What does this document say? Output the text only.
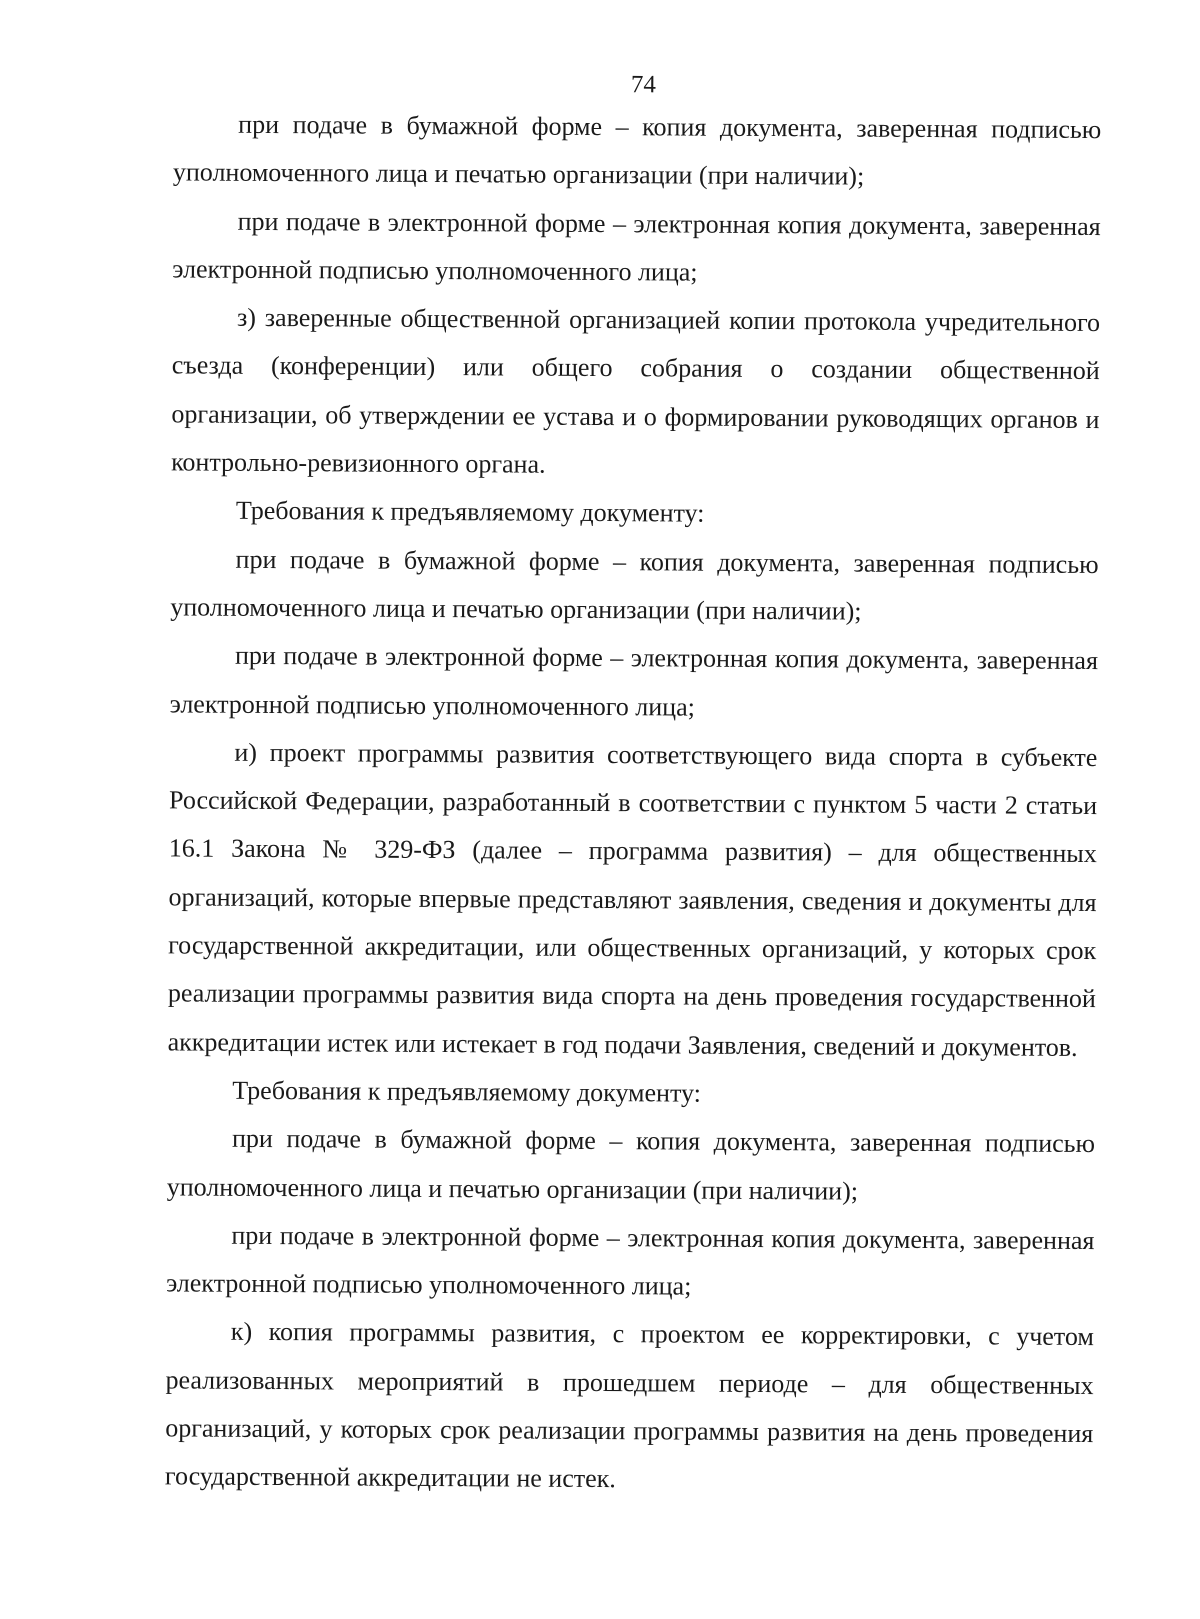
74

при подаче в бумажной форме – копия документа, заверенная подписью уполномоченного лица и печатью организации (при наличии);

при подаче в электронной форме – электронная копия документа, заверенная электронной подписью уполномоченного лица;

з) заверенные общественной организацией копии протокола учредительного съезда (конференции) или общего собрания о создании общественной организации, об утверждении ее устава и о формировании руководящих органов и контрольно-ревизионного органа.

Требования к предъявляемому документу:

при подаче в бумажной форме – копия документа, заверенная подписью уполномоченного лица и печатью организации (при наличии);

при подаче в электронной форме – электронная копия документа, заверенная электронной подписью уполномоченного лица;

и) проект программы развития соответствующего вида спорта в субъекте Российской Федерации, разработанный в соответствии с пунктом 5 части 2 статьи 16.1 Закона № 329-ФЗ (далее – программа развития) – для общественных организаций, которые впервые представляют заявления, сведения и документы для государственной аккредитации, или общественных организаций, у которых срок реализации программы развития вида спорта на день проведения государственной аккредитации истек или истекает в год подачи Заявления, сведений и документов.

Требования к предъявляемому документу:

при подаче в бумажной форме – копия документа, заверенная подписью уполномоченного лица и печатью организации (при наличии);

при подаче в электронной форме – электронная копия документа, заверенная электронной подписью уполномоченного лица;

к) копия программы развития, с проектом ее корректировки, с учетом реализованных мероприятий в прошедшем периоде – для общественных организаций, у которых срок реализации программы развития на день проведения государственной аккредитации не истек.
